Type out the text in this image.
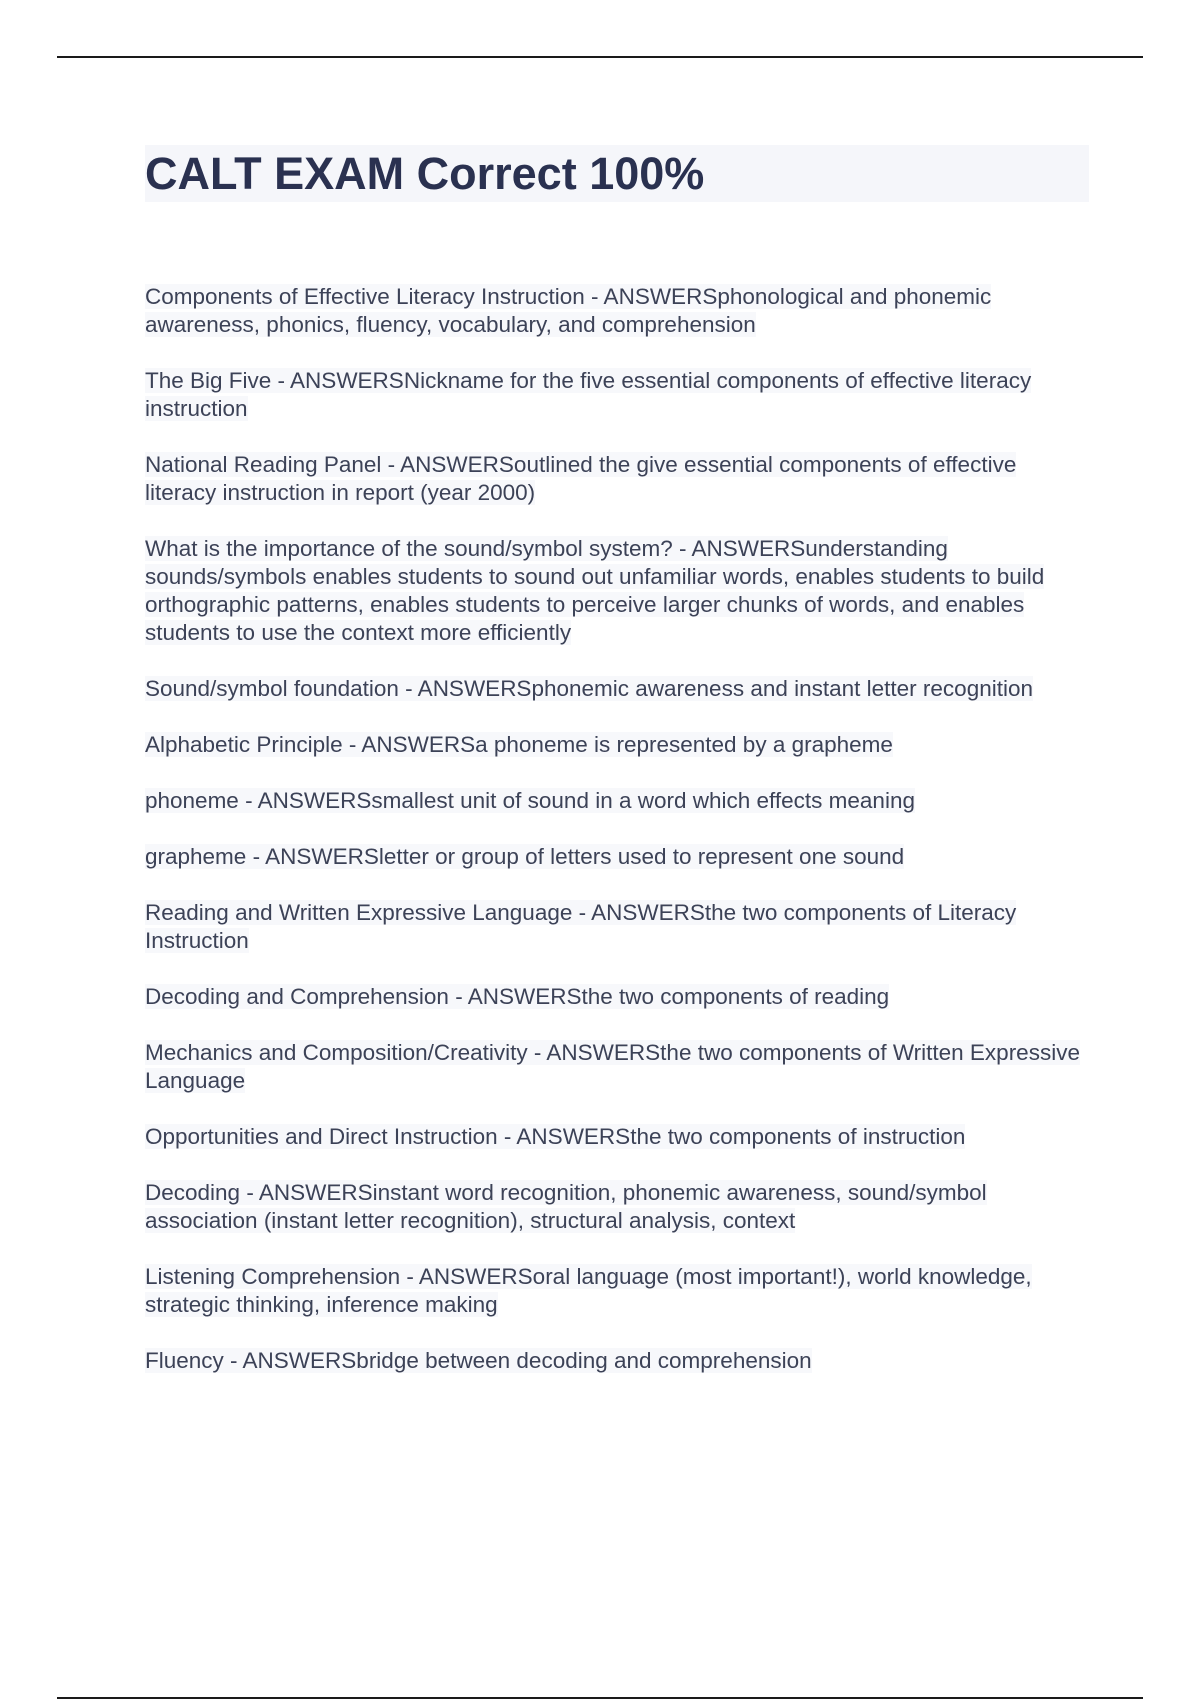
CALT EXAM Correct 100%
Components of Effective Literacy Instruction - ANSWERSphonological and phonemic awareness, phonics, fluency, vocabulary, and comprehension
The Big Five - ANSWERSNickname for the five essential components of effective literacy instruction
National Reading Panel - ANSWERSoutlined the give essential components of effective literacy instruction in report (year 2000)
What is the importance of the sound/symbol system? - ANSWERSunderstanding sounds/symbols enables students to sound out unfamiliar words, enables students to build orthographic patterns, enables students to perceive larger chunks of words, and enables students to use the context more efficiently
Sound/symbol foundation - ANSWERSphonemic awareness and instant letter recognition
Alphabetic Principle - ANSWERSa phoneme is represented by a grapheme
phoneme - ANSWERSsmallest unit of sound in a word which effects meaning
grapheme - ANSWERSletter or group of letters used to represent one sound
Reading and Written Expressive Language - ANSWERSthe two components of Literacy Instruction
Decoding and Comprehension - ANSWERSthe two components of reading
Mechanics and Composition/Creativity - ANSWERSthe two components of Written Expressive Language
Opportunities and Direct Instruction - ANSWERSthe two components of instruction
Decoding - ANSWERSinstant word recognition, phonemic awareness, sound/symbol association (instant letter recognition), structural analysis, context
Listening Comprehension - ANSWERSoral language (most important!), world knowledge, strategic thinking, inference making
Fluency - ANSWERSbridge between decoding and comprehension
